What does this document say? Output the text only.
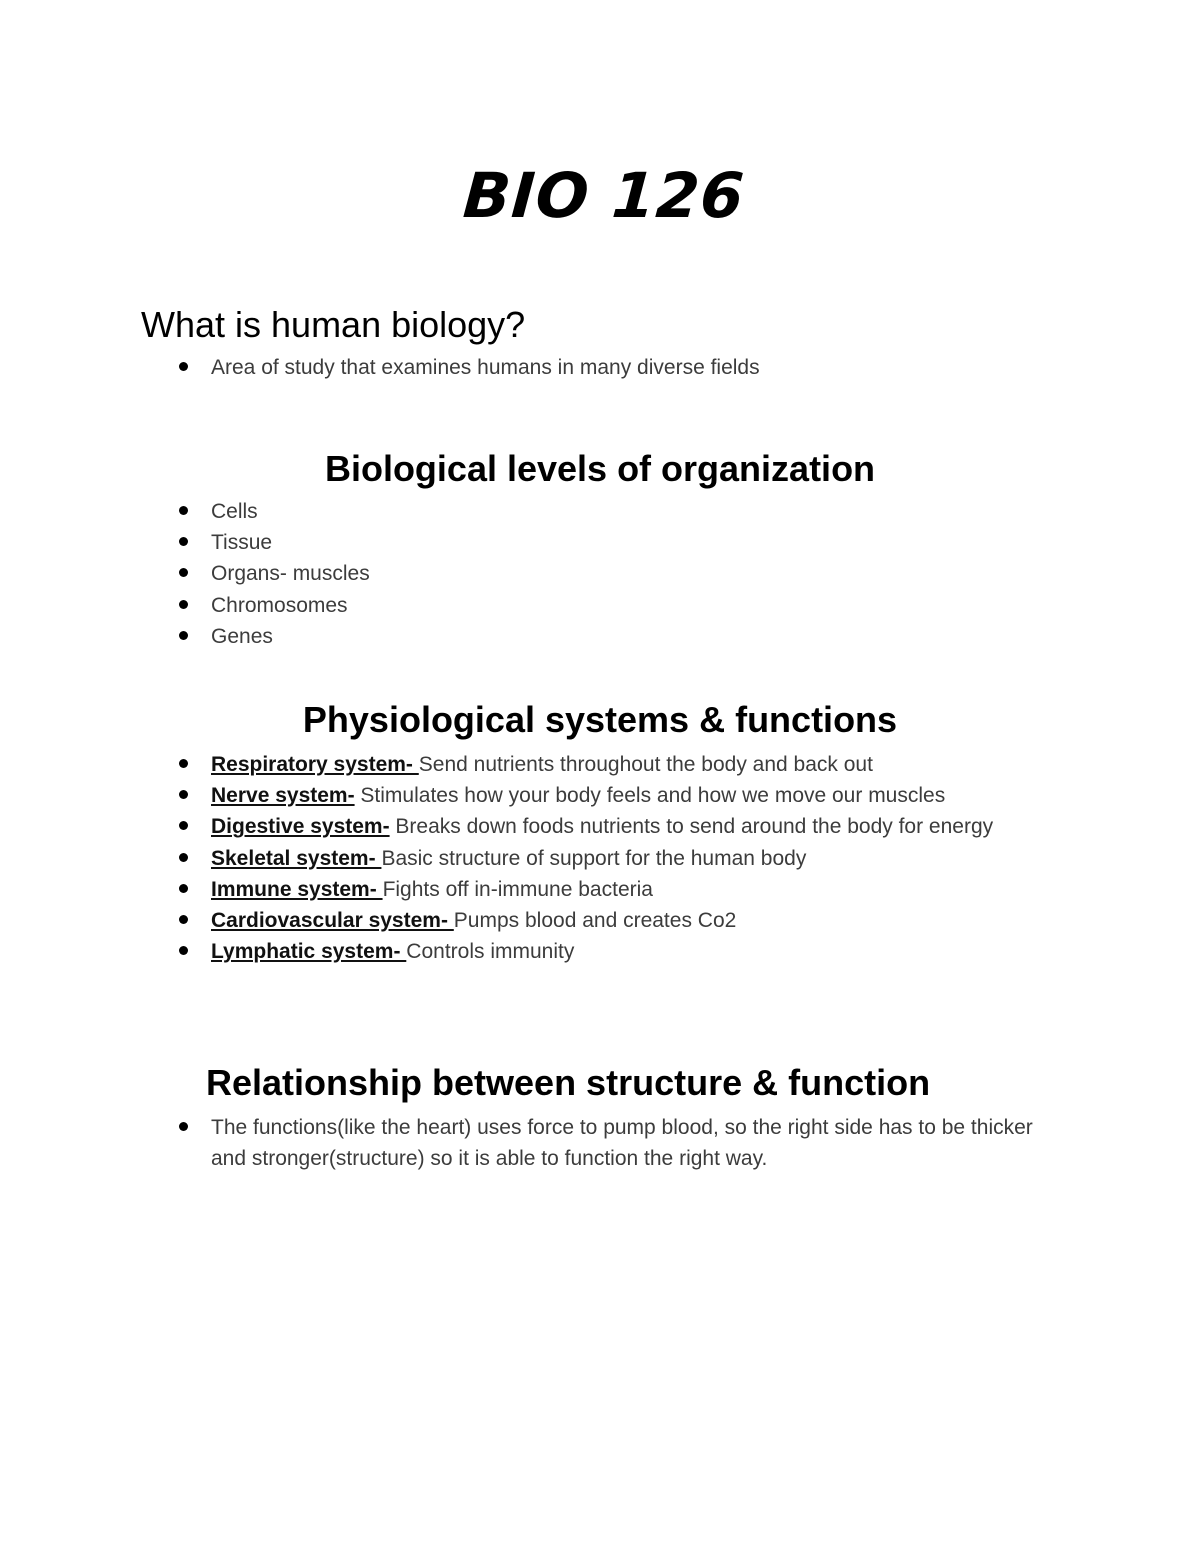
BIO 126
What is human biology?
Area of study that examines humans in many diverse fields
Biological levels of organization
Cells
Tissue
Organs- muscles
Chromosomes
Genes
Physiological systems & functions
Respiratory system- Send nutrients throughout the body and back out
Nerve system- Stimulates how your body feels and how we move our muscles
Digestive system- Breaks down foods nutrients to send around the body for energy
Skeletal system- Basic structure of support for the human body
Immune system- Fights off in-immune bacteria
Cardiovascular system- Pumps blood and creates Co2
Lymphatic system- Controls immunity
Relationship between structure & function
The functions(like the heart) uses force to pump blood, so the right side has to be thicker and stronger(structure) so it is able to function the right way.
